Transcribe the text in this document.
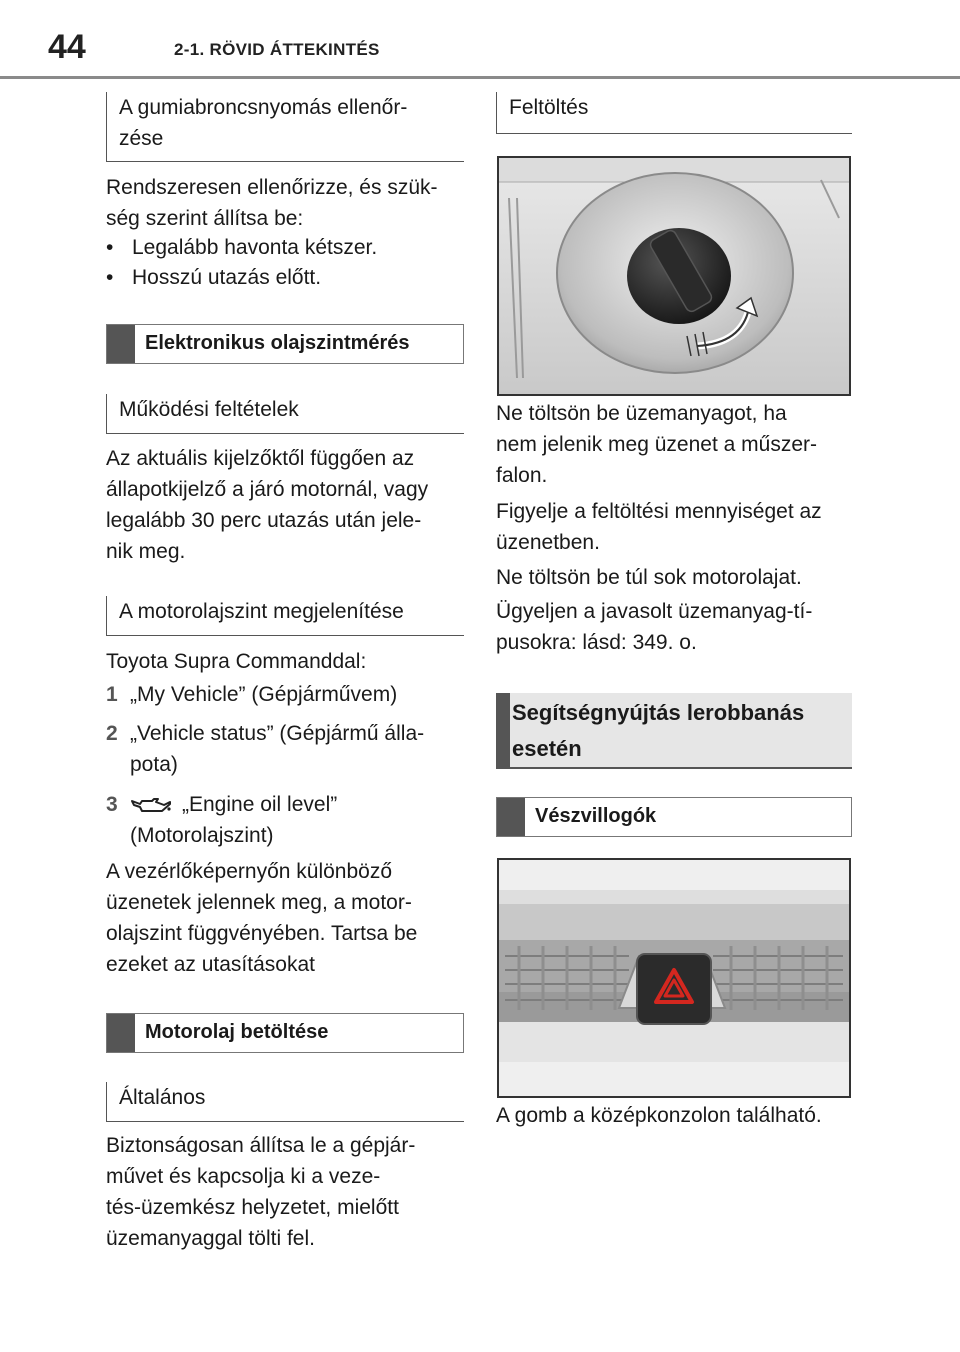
44	2-1. RÖVID ÁTTEKINTÉS
A gumiabroncsnyomás ellenőr-
zése
Rendszeresen ellenőrizze, és szük-
ség szerint állítsa be:
• Legalább havonta kétszer.
• Hosszú utazás előtt.
Elektronikus olajszintmérés
Működési feltételek
Az aktuális kijelzőktől függően az
állapotkijelző a járó motornál, vagy
legalább 30 perc utazás után jele-
nik meg.
A motorolajszint megjelenítése
Toyota Supra Commanddal:
1 „My Vehicle” (Gépjárművem)
2 „Vehicle status” (Gépjármű álla-
pota)
3	„Engine oil level”
(Motorolajszint)
A vezérlőképernyőn különböző
üzenetek jelennek meg, a motor-
olajszint függvényében. Tartsa be
ezeket az utasításokat
Motorolaj betöltése
Általános
Biztonságosan állítsa le a gépjár-
művet és kapcsolja ki a veze-
tés-üzemkész helyzetet, mielőtt
üzemanyaggal tölti fel.
Feltöltés
Ne töltsön be üzemanyagot, ha
nem jelenik meg üzenet a műszer-
falon.
Figyelje a feltöltési mennyiséget az
üzenetben.
Ne töltsön be túl sok motorolajat.
Ügyeljen a javasolt üzemanyag-tí-
pusokra: lásd: 349. o.
Segítségnyújtás lerobbanás
esetén
Vészvillogók
A gomb a középkonzolon található.
